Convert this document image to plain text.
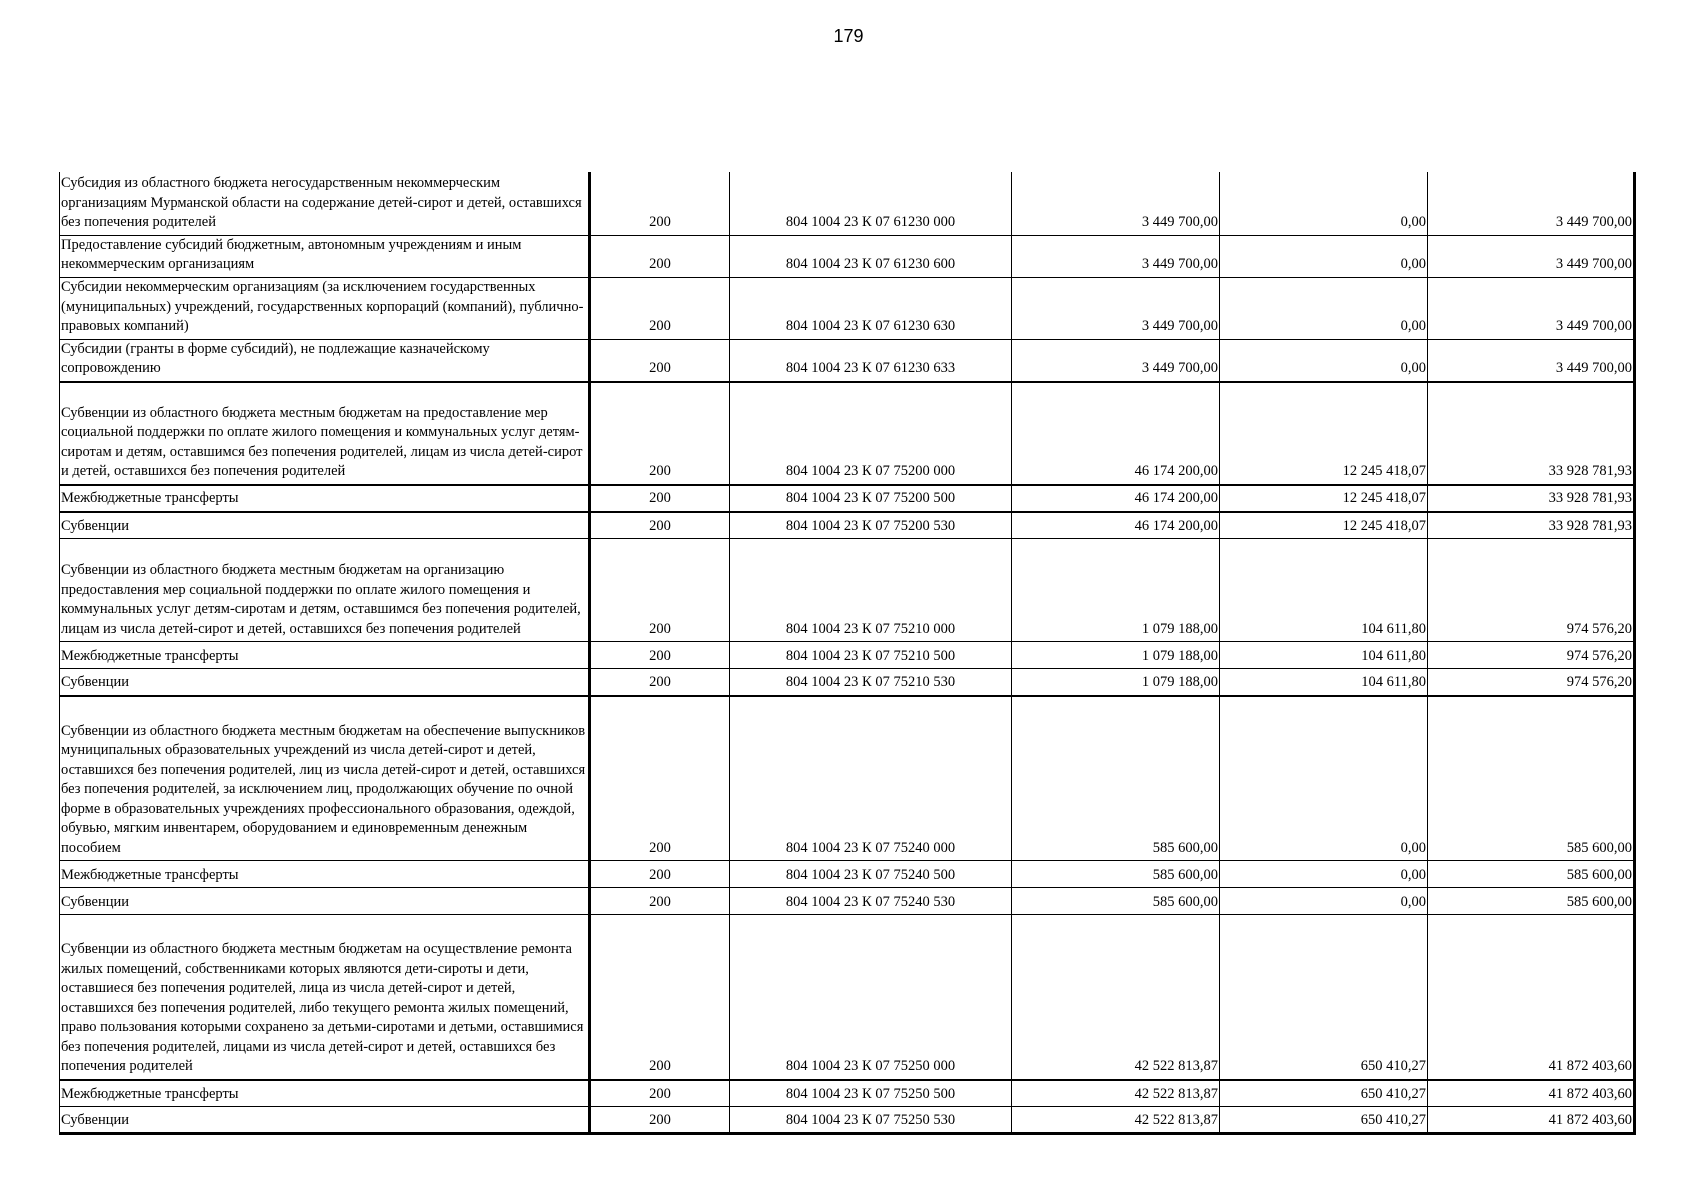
179
Субсидия из областного бюджета негосударственным некоммерческим организациям Мурманской области на содержание детей-сирот и детей, оставшихся без попечения родителей	200	804 1004 23 К 07 61230 000	3 449 700,00	0,00	3 449 700,00
Предоставление субсидий бюджетным, автономным учреждениям и иным некоммерческим организациям	200	804 1004 23 К 07 61230 600	3 449 700,00	0,00	3 449 700,00
Субсидии некоммерческим организациям (за исключением государственных (муниципальных) учреждений, государственных корпораций (компаний), публично-правовых компаний)	200	804 1004 23 К 07 61230 630	3 449 700,00	0,00	3 449 700,00
Субсидии (гранты в форме субсидий), не подлежащие казначейскому сопровождению	200	804 1004 23 К 07 61230 633	3 449 700,00	0,00	3 449 700,00
Субвенции из областного бюджета местным бюджетам на предоставление мер социальной поддержки по оплате жилого помещения и коммунальных услуг детям-сиротам и детям, оставшимся без попечения родителей, лицам из числа детей-сирот и детей, оставшихся без попечения родителей	200	804 1004 23 К 07 75200 000	46 174 200,00	12 245 418,07	33 928 781,93
Межбюджетные трансферты	200	804 1004 23 К 07 75200 500	46 174 200,00	12 245 418,07	33 928 781,93
Субвенции	200	804 1004 23 К 07 75200 530	46 174 200,00	12 245 418,07	33 928 781,93
Субвенции из областного бюджета местным бюджетам на организацию предоставления мер социальной поддержки по оплате жилого помещения и коммунальных услуг детям-сиротам и детям, оставшимся без попечения родителей, лицам из числа детей-сирот и детей, оставшихся без попечения родителей	200	804 1004 23 К 07 75210 000	1 079 188,00	104 611,80	974 576,20
Межбюджетные трансферты	200	804 1004 23 К 07 75210 500	1 079 188,00	104 611,80	974 576,20
Субвенции	200	804 1004 23 К 07 75210 530	1 079 188,00	104 611,80	974 576,20
Субвенции из областного бюджета местным бюджетам на обеспечение выпускников муниципальных образовательных учреждений из числа детей-сирот и детей, оставшихся без попечения родителей, лиц из числа детей-сирот и детей, оставшихся без попечения родителей, за исключением лиц, продолжающих обучение по очной форме в образовательных учреждениях профессионального образования, одеждой, обувью, мягким инвентарем, оборудованием и единовременным денежным пособием	200	804 1004 23 К 07 75240 000	585 600,00	0,00	585 600,00
Межбюджетные трансферты	200	804 1004 23 К 07 75240 500	585 600,00	0,00	585 600,00
Субвенции	200	804 1004 23 К 07 75240 530	585 600,00	0,00	585 600,00
Субвенции из областного бюджета местным бюджетам на осуществление ремонта жилых помещений, собственниками которых являются дети-сироты и дети, оставшиеся без попечения родителей, лица из числа детей-сирот и детей, оставшихся без попечения родителей, либо текущего ремонта жилых помещений, право пользования которыми сохранено за детьми-сиротами и детьми, оставшимися без попечения родителей, лицами из числа детей-сирот и детей, оставшихся без попечения родителей	200	804 1004 23 К 07 75250 000	42 522 813,87	650 410,27	41 872 403,60
Межбюджетные трансферты	200	804 1004 23 К 07 75250 500	42 522 813,87	650 410,27	41 872 403,60
Субвенции	200	804 1004 23 К 07 75250 530	42 522 813,87	650 410,27	41 872 403,60
